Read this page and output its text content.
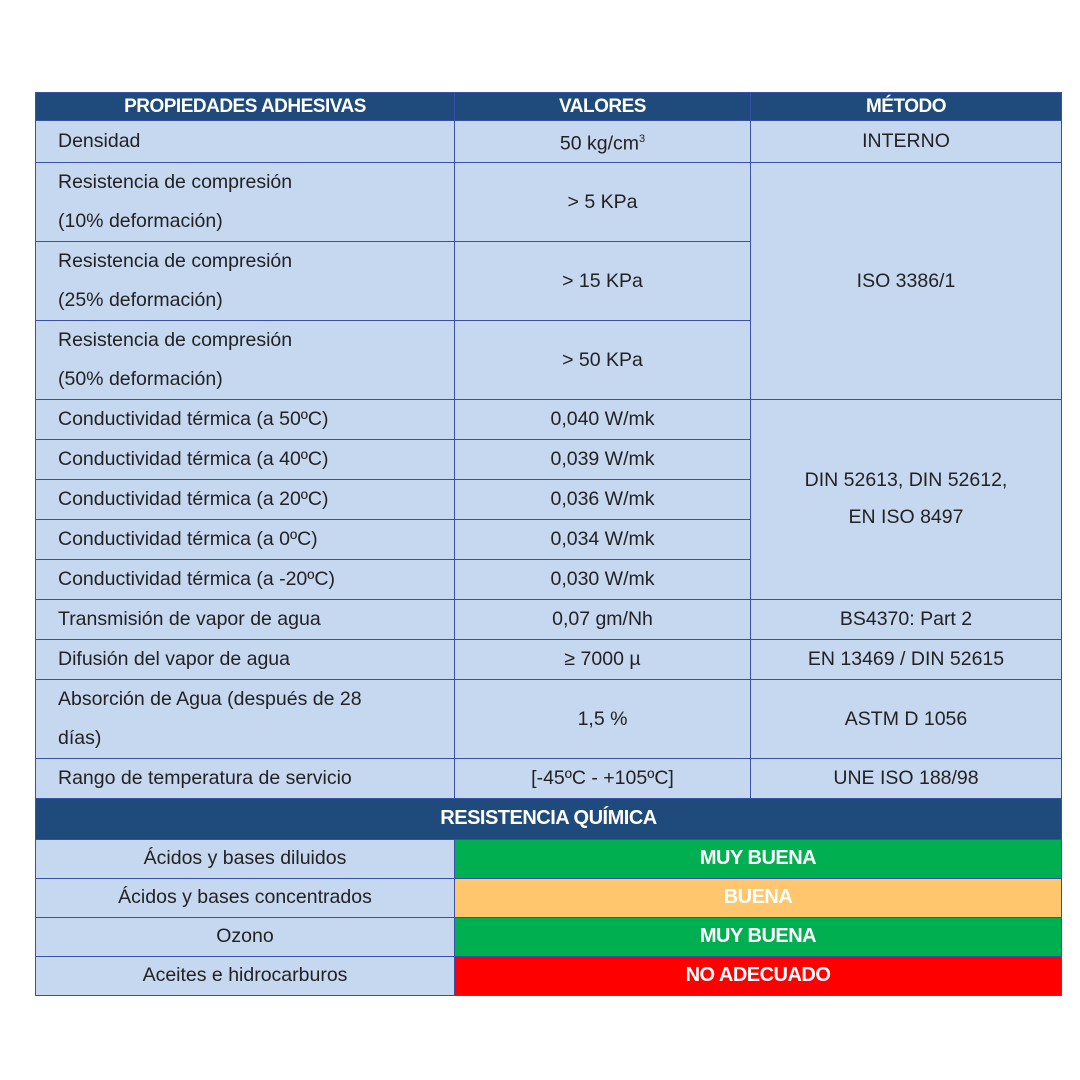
PROPIEDADES ADHESIVAS	VALORES	MÉTODO
Densidad	50 $kg/cm^3$	INTERNO

Resistencia de compresión
(10% deformación)	> 5 KPa	ISO 3386/1

Resistencia de compresión
(25% deformación)	> 15 KPa	

Resistencia de compresión
(50% deformación)	> 50 KPa	
Conductividad térmica (a 50ºC)	0,040 W/mk	DIN 52613, DIN 52612,
EN ISO 8497

Conductividad térmica (a 40ºC)	0,039 W/mk	
Conductividad térmica (a 20ºC)	0,036 W/mk	
Conductividad térmica (a 0ºC)	0,034 W/mk	
Conductividad térmica (a -20ºC)	0,030 W/mk	
Transmisión de vapor de agua	0,07 gm/Nh	BS4370: Part 2
Difusión del vapor de agua	≥ 7000 µ	EN 13469 / DIN 52615

Absorción de Agua (después de 28
días)	1,5 %	ASTM D 1056
Rango de temperatura de servicio	[-45ºC - +105ºC]	UNE ISO 188/98
RESISTENCIA QUÍMICA		
Ácidos y bases diluidos	MUY BUENA	
Ácidos y bases concentrados	BUENA	
Ozono	MUY BUENA	
Aceites e hidrocarburos	NO ADECUADO	
